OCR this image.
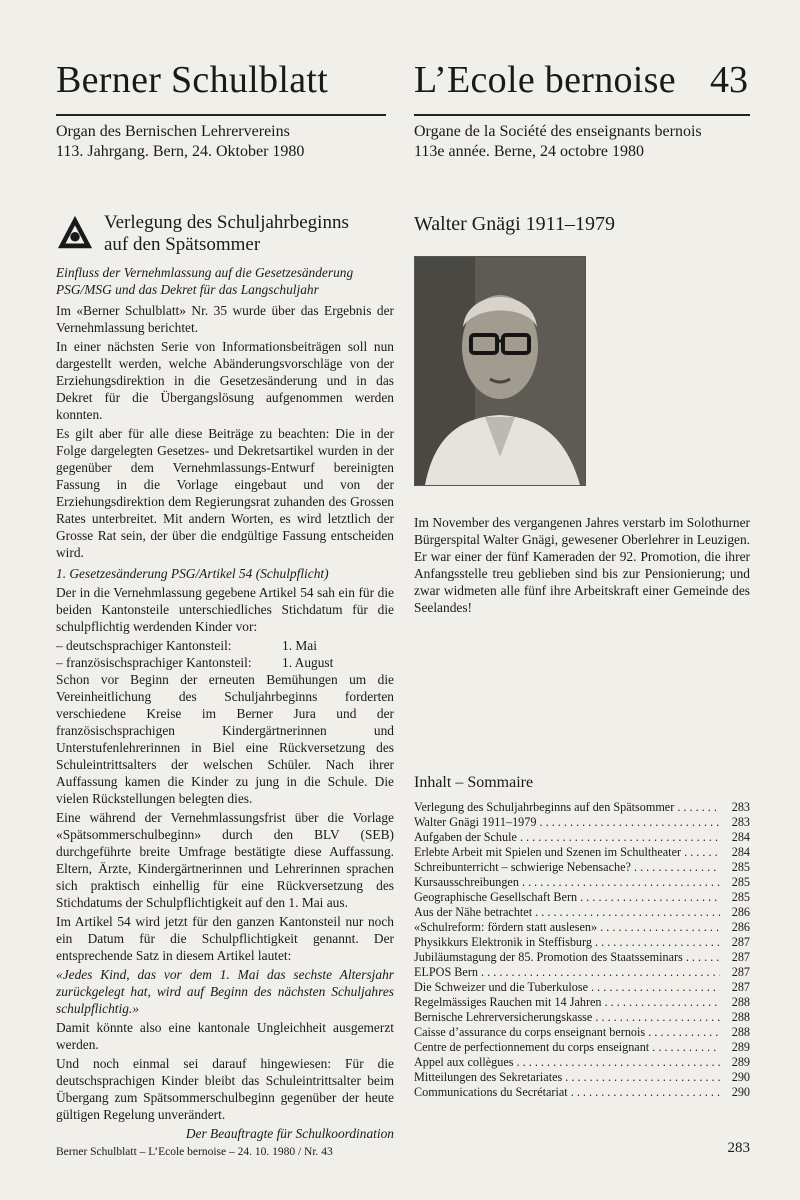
Berner Schulblatt L’Ecole bernoise 43
Organ des Bernischen Lehrervereins
113. Jahrgang. Bern, 24. Oktober 1980
Organe de la Société des enseignants bernois
113e année. Berne, 24 octobre 1980
Verlegung des Schuljahrbeginns
auf den Spätsommer
Einfluss der Vernehmlassung auf die Gesetzesänderung PSG/MSG und das Dekret für das Langschuljahr

Im «Berner Schulblatt» Nr. 35 wurde über das Ergebnis der Vernehmlassung berichtet.

In einer nächsten Serie von Informationsbeiträgen soll nun dargestellt werden, welche Abänderungsvorschläge von der Erziehungsdirektion in die Gesetzesänderung und in das Dekret für die Übergangslösung aufgenommen werden konnten.

Es gilt aber für alle diese Beiträge zu beachten: Die in der Folge dargelegten Gesetzes- und Dekretsartikel wurden in der gegenüber dem Vernehmlassungs-Entwurf bereinigten Fassung in die Vorlage eingebaut und von der Erziehungsdirektion dem Regierungsrat zuhanden des Grossen Rates unterbreitet. Mit andern Worten, es wird letztlich der Grosse Rat sein, der über die endgültige Fassung entscheiden wird.

1. Gesetzesänderung PSG/Artikel 54 (Schulpflicht)

Der in die Vernehmlassung gegebene Artikel 54 sah ein für die beiden Kantonsteile unterschiedliches Stichdatum für die schulpflichtig werdenden Kinder vor:

– deutschsprachiger Kantonsteil:	1. Mai
– französischsprachiger Kantonsteil:	1. August

Schon vor Beginn der erneuten Bemühungen um die Vereinheitlichung des Schuljahrbeginns forderten verschiedene Kreise im Berner Jura und der französischsprachigen Kindergärtnerinnen und Unterstufenlehrerinnen in Biel eine Rückversetzung des Schuleintrittsalters der welschen Schüler. Nach ihrer Auffassung kamen die Kinder zu jung in die Schule. Die vielen Rückstellungen belegten dies.

Eine während der Vernehmlassungsfrist über die Vorlage «Spätsommerschulbeginn» durch den BLV (SEB) durchgeführte breite Umfrage bestätigte diese Auffassung. Eltern, Ärzte, Kindergärtnerinnen und Lehrerinnen sprachen sich praktisch einhellig für eine Rückversetzung des Stichdatums der Schulpflichtigkeit auf den 1. Mai aus.

Im Artikel 54 wird jetzt für den ganzen Kantonsteil nur noch ein Datum für die Schulpflichtigkeit genannt. Der entsprechende Satz in diesem Artikel lautet:

«Jedes Kind, das vor dem 1. Mai das sechste Altersjahr zurückgelegt hat, wird auf Beginn des nächsten Schuljahres schulpflichtig.»

Damit könnte also eine kantonale Ungleichheit ausgemerzt werden.

Und noch einmal sei darauf hingewiesen: Für die deutschsprachigen Kinder bleibt das Schuleintrittsalter beim Übergang zum Spätsommerschulbeginn gegenüber der heute gültigen Regelung unverändert.

Der Beauftragte für Schulkoordination
Walter Gnägi 1911–1979
Im November des vergangenen Jahres verstarb im Solothurner Bürgerspital Walter Gnägi, gewesener Oberlehrer in Leuzigen. Er war einer der fünf Kameraden der 92. Promotion, die ihrer Anfangsstelle treu geblieben sind bis zur Pensionierung; und zwar widmeten alle fünf ihre Arbeitskraft einer Gemeinde des Seelandes!
Inhalt – Sommaire
Verlegung des Schuljahrbeginns auf den Spätsommer . . .	283
Walter Gnägi 1911–1979 . . .	283
Aufgaben der Schule . . .	284
Erlebte Arbeit mit Spielen und Szenen im Schultheater . . .	284
Schreibunterricht – schwierige Nebensache? . . .	285
Kursausschreibungen . . .	285
Geographische Gesellschaft Bern . . .	285
Aus der Nähe betrachtet . . .	286
«Schulreform: fördern statt auslesen» . . .	286
Physikkurs Elektronik in Steffisburg . . .	287
Jubiläumstagung der 85. Promotion des Staatsseminars . . .	287
ELPOS Bern . . .	287
Die Schweizer und die Tuberkulose . . .	287
Regelmässiges Rauchen mit 14 Jahren . . .	288
Bernische Lehrerversicherungskasse . . .	288
Caisse d’assurance du corps enseignant bernois . . .	288
Centre de perfectionnement du corps enseignant . . .	289
Appel aux collègues . . .	289
Mitteilungen des Sekretariates . . .	290
Communications du Secrétariat . . .	290
Berner Schulblatt – L’Ecole bernoise – 24. 10. 1980 / Nr. 43	283
